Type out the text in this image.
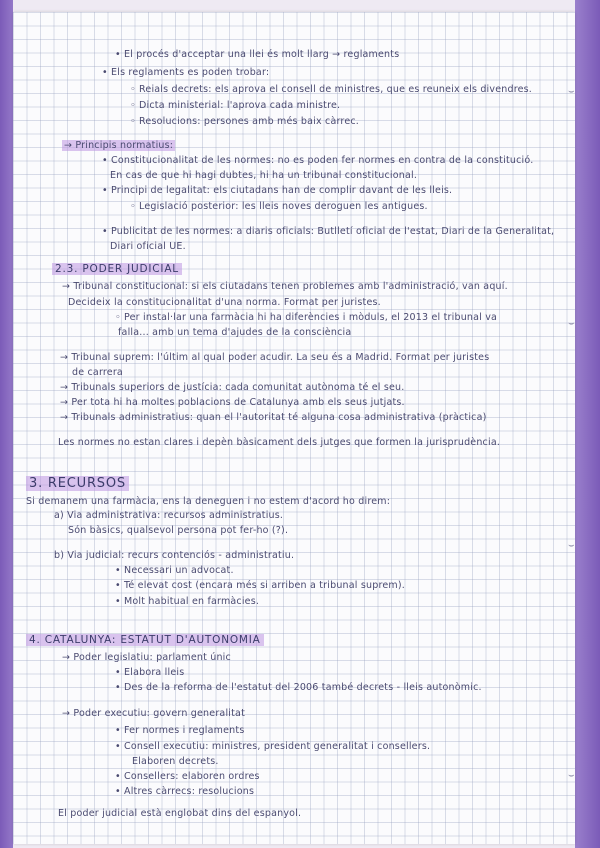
• El procés d'acceptar una llei és molt llarg → reglaments
• Els reglaments es poden trobar:
◦ Reials decrets: els aprova el consell de ministres, que es reuneix els divendres.
◦ Dicta ministerial: l'aprova cada ministre.
◦ Resolucions: persones amb més baix càrrec.
→ Principis normatius:
• Constitucionalitat de les normes: no es poden fer normes en contra de la constitució.
En cas de que hi hagi dubtes, hi ha un tribunal constitucional.
• Principi de legalitat: els ciutadans han de complir davant de les lleis.
◦ Legislació posterior: les lleis noves deroguen les antigues.
• Publicitat de les normes: a diaris oficials: Butlletí oficial de l'estat, Diari de la Generalitat,
Diari oficial UE.
2.3. PODER JUDICIAL
→ Tribunal constitucional: si els ciutadans tenen problemes amb l'administració, van aquí.
Decideix la constitucionalitat d'una norma. Format per juristes.
◦ Per instal·lar una farmàcia hi ha diferències i mòduls, el 2013 el tribunal va
falla... amb un tema d'ajudes de la consciència
→ Tribunal suprem: l'últim al qual poder acudir. La seu és a Madrid. Format per juristes
de carrera
→ Tribunals superiors de justícia: cada comunitat autònoma té el seu.
→ Per tota hi ha moltes poblacions de Catalunya amb els seus jutjats.
→ Tribunals administratius: quan el l'autoritat té alguna cosa administrativa (pràctica)
Les normes no estan clares i depèn bàsicament dels jutges que formen la jurisprudència.
3. RECURSOS
Si demanem una farmàcia, ens la deneguen i no estem d'acord ho direm:
a) Via administrativa: recursos administratius.
Són bàsics, qualsevol persona pot fer-ho (?).
b) Via judicial: recurs contenciós - administratiu.
• Necessari un advocat.
• Té elevat cost (encara més si arriben a tribunal suprem).
• Molt habitual en farmàcies.
4. CATALUNYA: ESTATUT D'AUTONOMIA
→ Poder legislatiu: parlament únic
• Elabora lleis
• Des de la reforma de l'estatut del 2006 també decrets - lleis autonòmic.
→ Poder executiu: govern generalitat
• Fer normes i reglaments
• Consell executiu: ministres, president generalitat i consellers.
Elaboren decrets.
• Consellers: elaboren ordres
• Altres càrrecs: resolucions
El poder judicial està englobat dins del espanyol.
⌣
⌣
⌣
⌣
